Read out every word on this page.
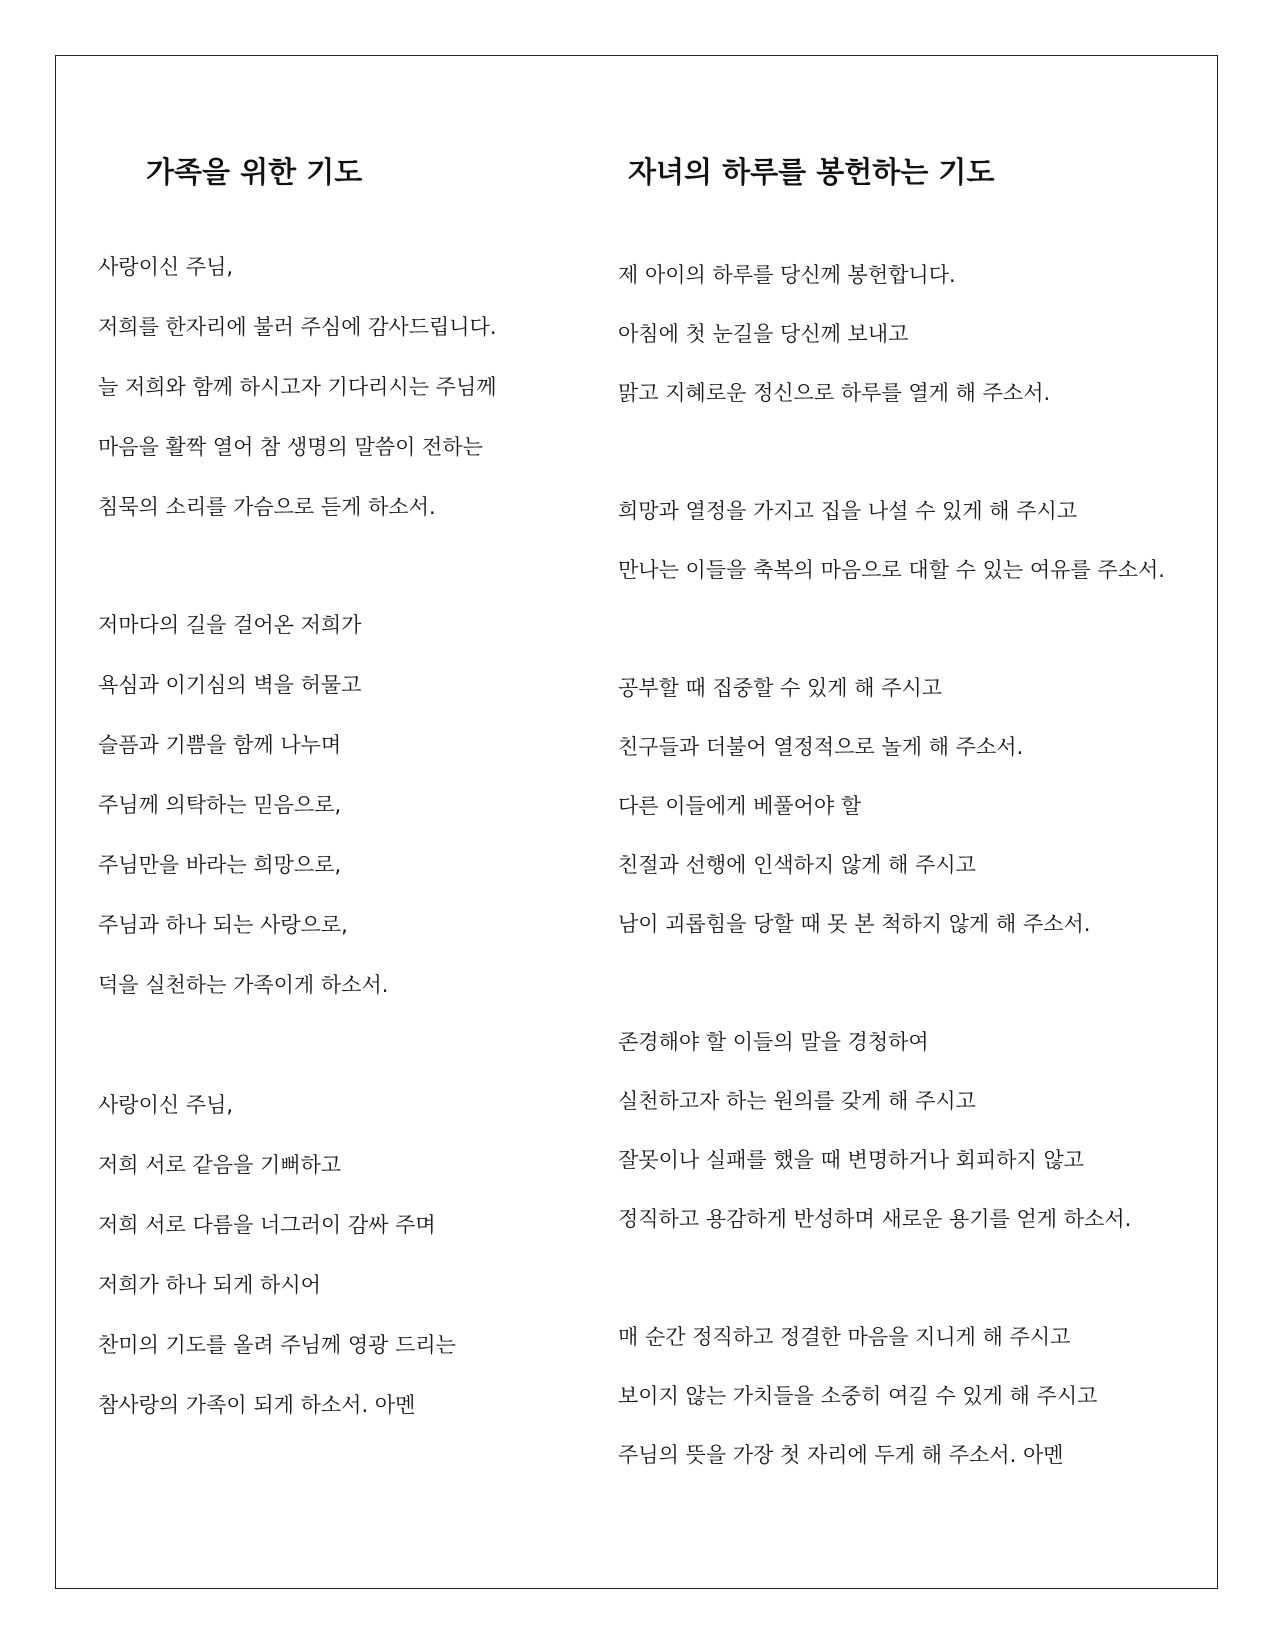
가족을 위한 기도	자녀의 하루를 봉헌하는 기도

사랑이신 주님,

저희를 한자리에 불러 주심에 감사드립니다.

늘 저희와 함께 하시고자 기다리시는 주님께

마음을 활짝 열어 참 생명의 말씀이 전하는

침묵의 소리를 가슴으로 듣게 하소서.

저마다의 길을 걸어온 저희가

욕심과 이기심의 벽을 허물고

슬픔과 기쁨을 함께 나누며

주님께 의탁하는 믿음으로,

주님만을 바라는 희망으로,

주님과 하나 되는 사랑으로,

덕을 실천하는 가족이게 하소서.

사랑이신 주님,

저희 서로 같음을 기뻐하고

저희 서로 다름을 너그러이 감싸 주며

저희가 하나 되게 하시어

찬미의 기도를 올려 주님께 영광 드리는

참사랑의 가족이 되게 하소서. 아멘

제 아이의 하루를 당신께 봉헌합니다.

아침에 첫 눈길을 당신께 보내고

맑고 지혜로운 정신으로 하루를 열게 해 주소서.

희망과 열정을 가지고 집을 나설 수 있게 해 주시고

만나는 이들을 축복의 마음으로 대할 수 있는 여유를 주소서.

공부할 때 집중할 수 있게 해 주시고

친구들과 더불어 열정적으로 놀게 해 주소서.

다른 이들에게 베풀어야 할

친절과 선행에 인색하지 않게 해 주시고

남이 괴롭힘을 당할 때 못 본 척하지 않게 해 주소서.

존경해야 할 이들의 말을 경청하여

실천하고자 하는 원의를 갖게 해 주시고

잘못이나 실패를 했을 때 변명하거나 회피하지 않고

정직하고 용감하게 반성하며 새로운 용기를 얻게 하소서.

매 순간 정직하고 정결한 마음을 지니게 해 주시고

보이지 않는 가치들을 소중히 여길 수 있게 해 주시고

주님의 뜻을 가장 첫 자리에 두게 해 주소서. 아멘
